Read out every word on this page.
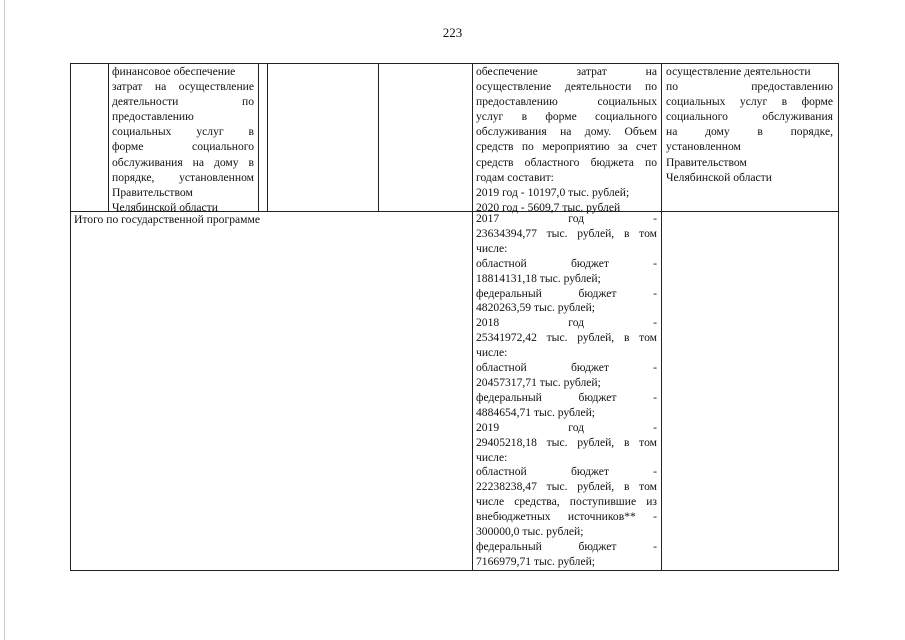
223
финансовое обеспечение
затрат на осуществление
деятельности по
предоставлению
социальных услуг в
форме социального
обслуживания на дому в
порядке, установленном
Правительством
Челябинской области
обеспечение затрат на
осуществление деятельности по
предоставлению социальных
услуг в форме социального
обслуживания на дому. Объем
средств по мероприятию за счет
средств областного бюджета по
годам составит:
2019 год - 10197,0 тыс. рублей;
2020 год - 5609,7 тыс. рублей
осуществление деятельности
по предоставлению
социальных услуг в форме
социального обслуживания
на дому в порядке,
установленном
Правительством
Челябинской области
Итого по государственной программе	2017 год -
23634394,77 тыс. рублей, в том
числе:
областной бюджет -
18814131,18 тыс. рублей;
федеральный бюджет -
4820263,59 тыс. рублей;
2018 год -
25341972,42 тыс. рублей, в том
числе:
областной бюджет -
20457317,71 тыс. рублей;
федеральный бюджет -
4884654,71 тыс. рублей;
2019 год -
29405218,18 тыс. рублей, в том
числе:
областной бюджет -
22238238,47 тыс. рублей, в том
числе средства, поступившие из
внебюджетных источников** -
300000,0 тыс. рублей;
федеральный бюджет -
7166979,71 тыс. рублей;
